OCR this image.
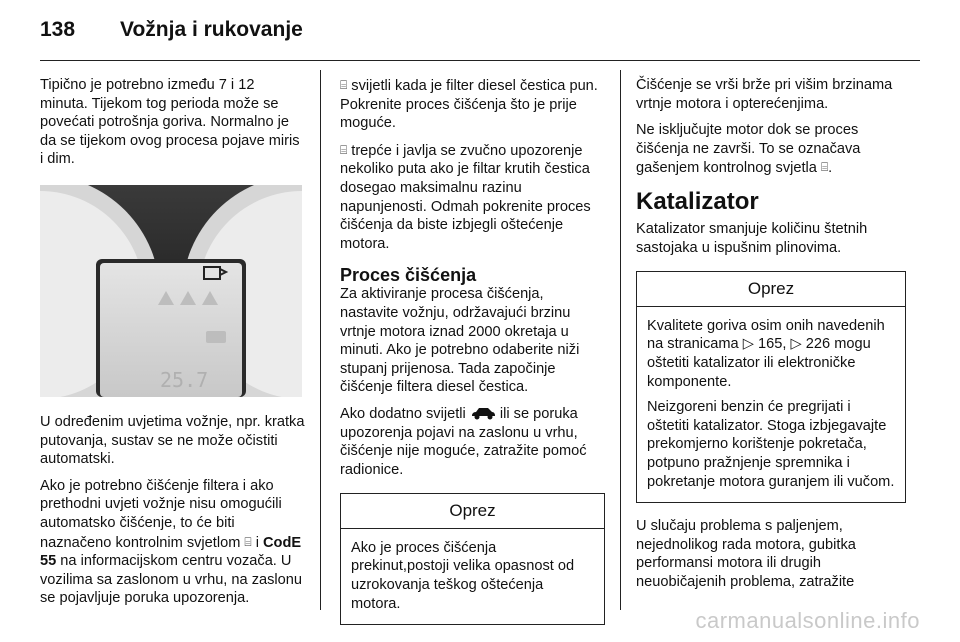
138 Vožnja i rukovanje

Tipično je potrebno između 7 i 12 minuta. Tijekom tog perioda može se povećati potrošnja goriva. Normalno je da se tijekom ovog procesa pojave miris i dim.

25.7

U određenim uvjetima vožnje, npr. kratka putovanja, sustav se ne može očistiti automatski.

Ako je potrebno čišćenje filtera i ako prethodni uvjeti vožnje nisu omogućili automatsko čišćenje, to će biti naznačeno kontrolnim svjetlom ⌸ i CodE 55 na informacijskom centru vozača. U vozilima sa zaslonom u vrhu, na zaslonu se pojavljuje poruka upozorenja.

⌸ svijetli kada je filter diesel čestica pun. Pokrenite proces čišćenja što je prije moguće.

⌸ trepće i javlja se zvučno upozorenje nekoliko puta ako je filtar krutih čestica dosegao maksimalnu razinu napunjenosti. Odmah pokrenite proces čišćenja da biste izbjegli oštećenje motora.

Proces čišćenja

Za aktiviranje procesa čišćenja, nastavite vožnju, održavajući brzinu vrtnje motora iznad 2000 okretaja u minuti. Ako je potrebno odaberite niži stupanj prijenosa. Tada započinje čišćenje filtera diesel čestica.

Ako dodatno svijetli ili se poruka upozorenja pojavi na zaslonu u vrhu, čišćenje nije moguće, zatražite pomoć radionice.

Oprez

Ako je proces čišćenja prekinut,postoji velika opasnost od uzrokovanja teškog oštećenja motora.

Čišćenje se vrši brže pri višim brzinama vrtnje motora i opterećenjima.

Ne isključujte motor dok se proces čišćenja ne završi. To se označava gašenjem kontrolnog svjetla ⌸.

Katalizator

Katalizator smanjuje količinu štetnih sastojaka u ispušnim plinovima.

Oprez

Kvalitete goriva osim onih navedenih na stranicama ▷ 165, ▷ 226 mogu oštetiti katalizator ili elektroničke komponente.

Neizgoreni benzin će pregrijati i oštetiti katalizator. Stoga izbjegavajte prekomjerno korištenje pokretača, potpuno pražnjenje spremnika i pokretanje motora guranjem ili vučom.

U slučaju problema s paljenjem, nejednolikog rada motora, gubitka performansi motora ili drugih neuobičajenih problema, zatražite

carmanualsonline.info
